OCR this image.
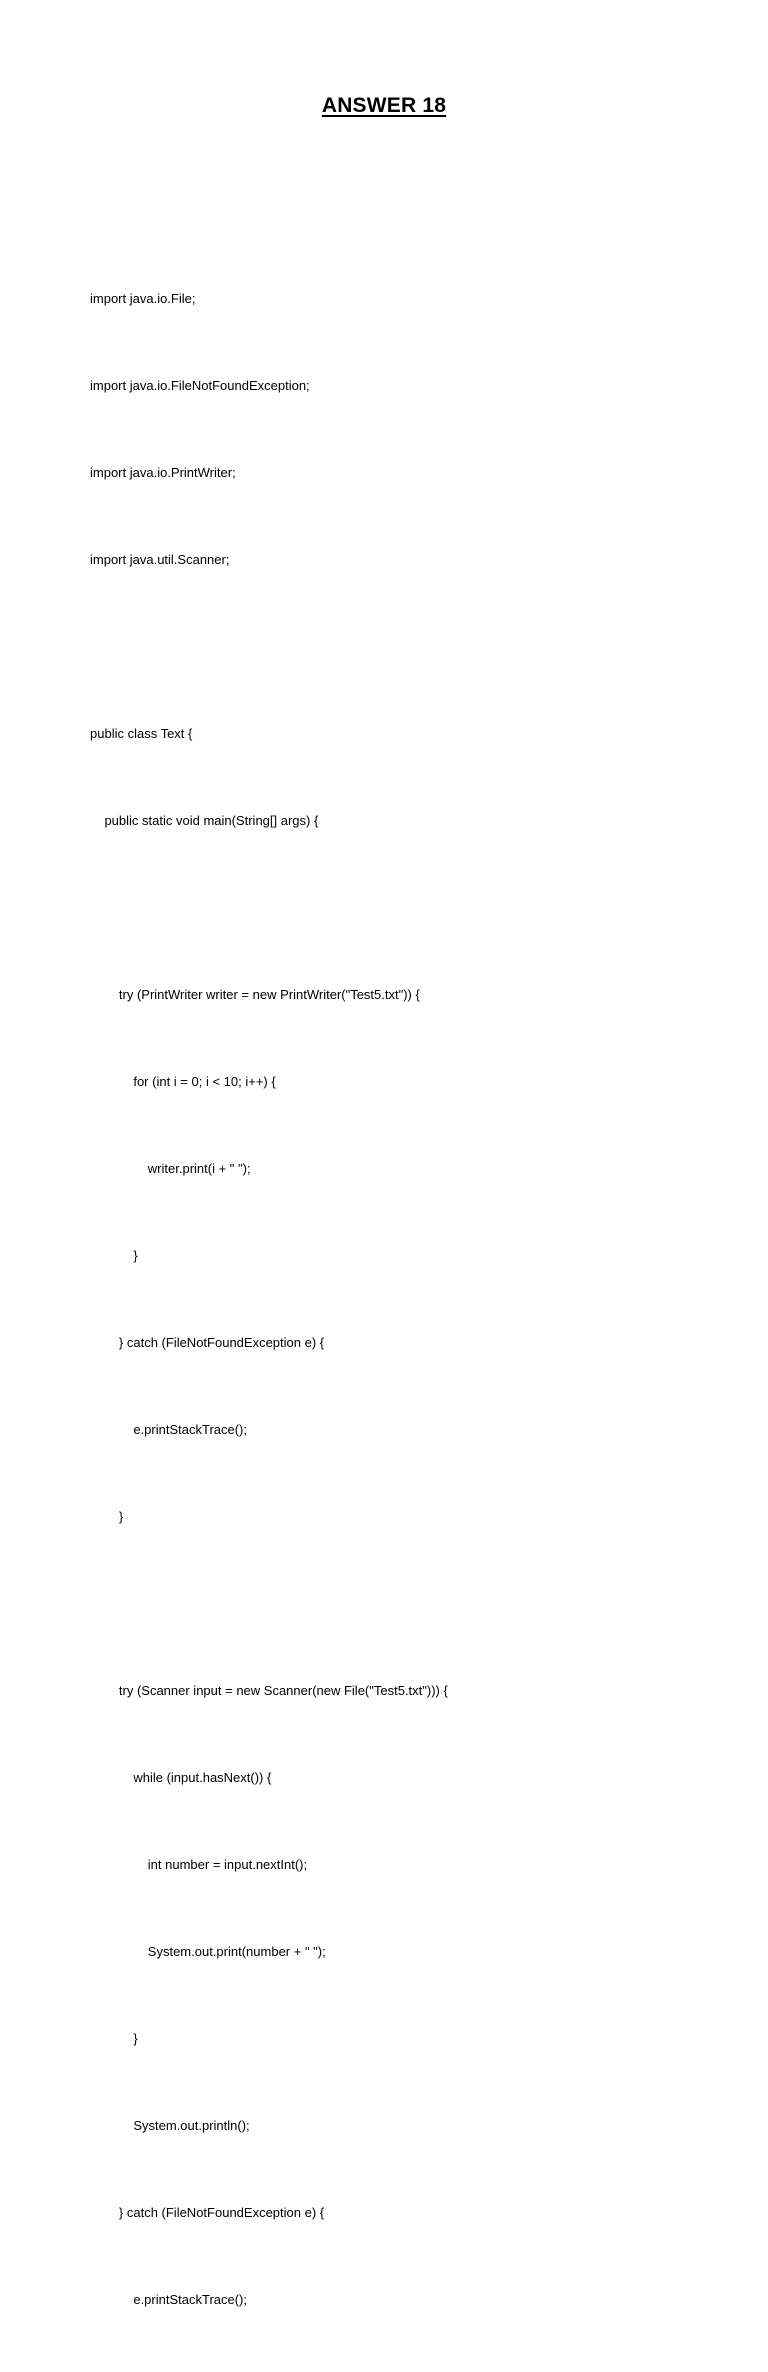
ANSWER 18

import java.io.File;

import java.io.FileNotFoundException;

import java.io.PrintWriter;

import java.util.Scanner;

public class Text {

public static void main(String[] args) {

try (PrintWriter writer = new PrintWriter("Test5.txt")) {

for (int i = 0; i < 10; i++) {

writer.print(i + " ");

}

} catch (FileNotFoundException e) {

e.printStackTrace();

}

try (Scanner input = new Scanner(new File("Test5.txt"))) {

while (input.hasNext()) {

int number = input.nextInt();

System.out.print(number + " ");

}

System.out.println();

} catch (FileNotFoundException e) {

e.printStackTrace();
